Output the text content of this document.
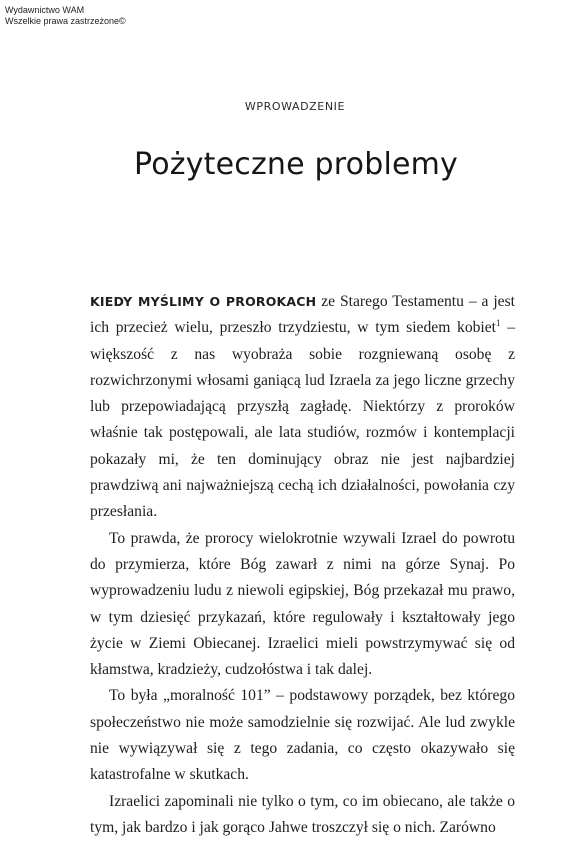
Wydawnictwo WAM
Wszelkie prawa zastrzeżone©
WPROWADZENIE
Pożyteczne problemy

KIEDY MYŚLIMY O PROROKACH ze Starego Testamentu – a jest ich przecież wielu, przeszło trzydziestu, w tym siedem kobiet$^1$ – większość z nas wyobraża sobie rozgniewaną osobę z rozwichrzonymi włosami ganiącą lud Izraela za jego liczne grzechy lub przepowiadającą przyszłą zagładę. Niektórzy z proroków właśnie tak postępowali, ale lata studiów, rozmów i kontemplacji pokazały mi, że ten dominujący obraz nie jest najbardziej prawdziwą ani najważniejszą cechą ich działalności, powołania czy przesłania.

To prawda, że prorocy wielokrotnie wzywali Izrael do powrotu do przymierza, które Bóg zawarł z nimi na górze Synaj. Po wyprowadzeniu ludu z niewoli egipskiej, Bóg przekazał mu prawo, w tym dziesięć przykazań, które regulowały i kształtowały jego życie w Ziemi Obiecanej. Izraelici mieli powstrzymywać się od kłamstwa, kradzieży, cudzołóstwa i tak dalej.

To była „moralność 101” – podstawowy porządek, bez którego społeczeństwo nie może samodzielnie się rozwijać. Ale lud zwykle nie wywiązywał się z tego zadania, co często okazywało się katastrofalne w skutkach.

Izraelici zapominali nie tylko o tym, co im obiecano, ale także o tym, jak bardzo i jak gorąco Jahwe troszczył się o nich. Zarówno
